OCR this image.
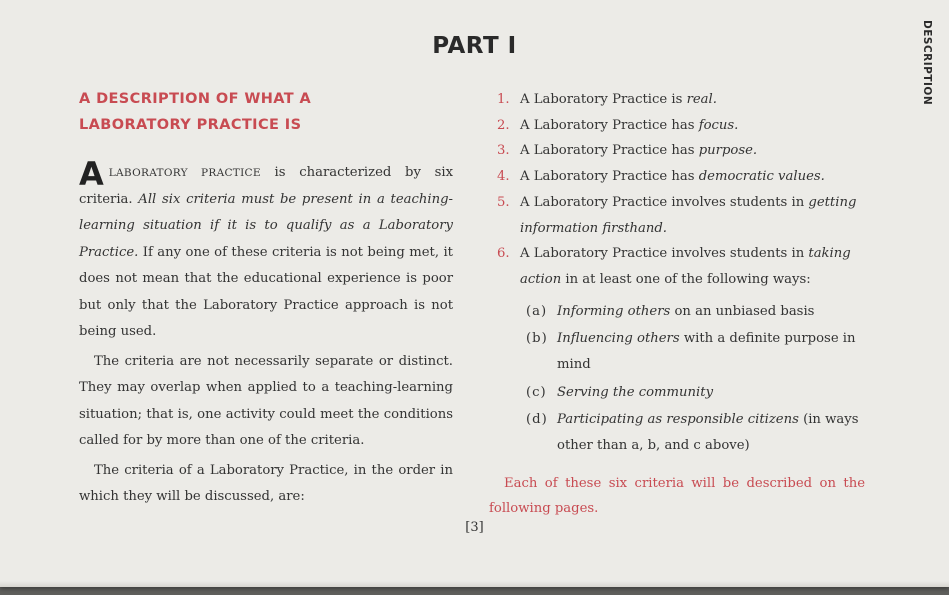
DESCRIPTION
PART I

A DESCRIPTION OF WHAT A
LABORATORY PRACTICE IS

ALABORATORY PRACTICE is characterized by six criteria. All six criteria must be present in a teaching-learning situation if it is to qualify as a Laboratory Practice. If any one of these criteria is not being met, it does not mean that the educational experience is poor but only that the Laboratory Practice approach is not being used.

The criteria are not necessarily separate or distinct. They may overlap when applied to a teaching-learning situation; that is, one activity could meet the conditions called for by more than one of the criteria.

The criteria of a Laboratory Practice, in the order in which they will be discussed, are:

1. A Laboratory Practice is real.
2. A Laboratory Practice has focus.
3. A Laboratory Practice has purpose.
4. A Laboratory Practice has democratic values.
5. A Laboratory Practice involves students in getting information firsthand.
6. A Laboratory Practice involves students in taking action in at least one of the following ways:
(a) Informing others on an unbiased basis
(b) Influencing others with a definite purpose in mind
(c) Serving the community
(d) Participating as responsible citizens (in ways other than a, b, and c above)

Each of these six criteria will be described on the following pages.

[3]
